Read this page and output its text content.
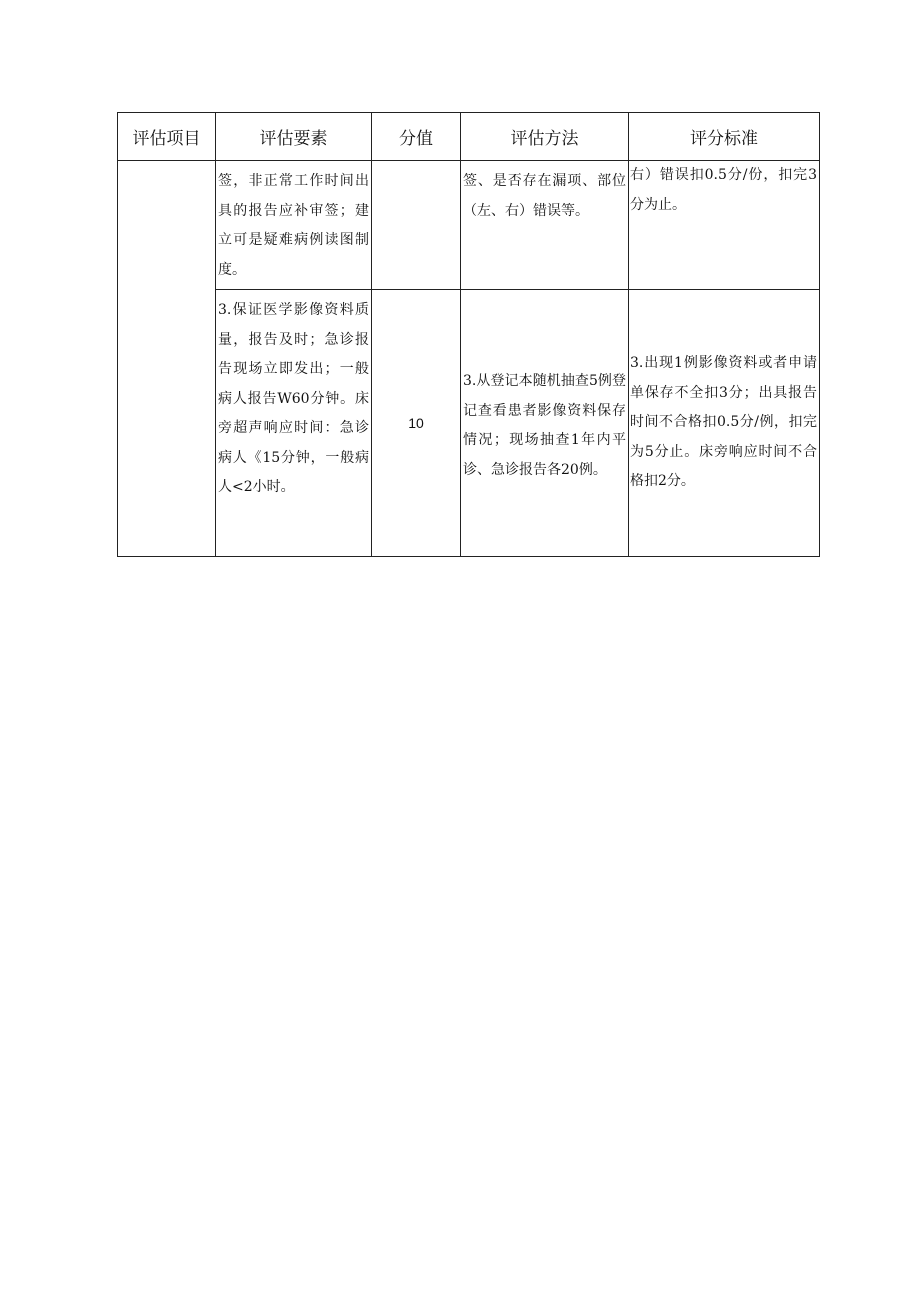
评估项目	评估要素	分值	评估方法	评分标准

	签，非正常工作时间出具的报告应补审签；建立可是疑难病例读图制度。		签、是否存在漏项、部位（左、右）错误等。	右）错误扣0.5分/份，扣完3分为止。

	3.保证医学影像资料质量，报告及时；急诊报告现场立即发出；一般病人报告W60分钟。床旁超声响应时间：急诊病人《15分钟，一般病人<2小时。	10	3.从登记本随机抽查5例登记查看患者影像资料保存情况；现场抽查1年内平诊、急诊报告各20例。	3.出现1例影像资料或者申请单保存不全扣3分；出具报告时间不合格扣0.5分/例，扣完为5分止。床旁响应时间不合格扣2分。
